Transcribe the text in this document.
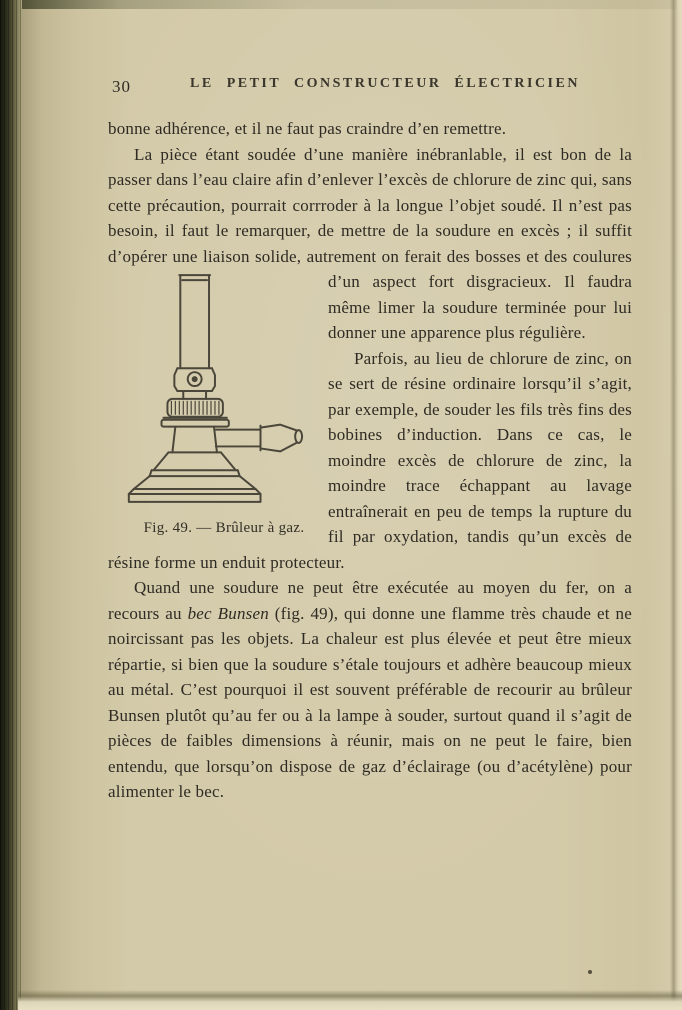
30	LE PETIT CONSTRUCTEUR ÉLECTRICIEN

bonne adhérence, et il ne faut pas craindre d’en remettre.

La pièce étant soudée d’une manière inébranlable, il est bon de la passer dans l’eau claire afin d’enlever l’excès de chlorure de zinc qui, sans cette précaution, pourrait corrroder à la longue l’objet soudé. Il n’est pas besoin, il faut le remarquer, de mettre de la soudure en excès ; il suffit d’opérer une liaison solide, autrement on ferait des bosses
Fig. 49. — Brûleur à gaz.
et des coulures d’un aspect fort disgracieux. Il faudra même limer la soudure terminée pour lui donner une apparence plus régulière.

Parfois, au lieu de chlorure de zinc, on se sert de résine ordinaire lorsqu’il s’agit, par exemple, de souder les fils très fins des bobines d’induction. Dans ce cas, le moindre excès de chlorure de zinc, la moindre trace échappant au lavage entraînerait en peu de temps la rupture du fil par oxydation, tandis qu’un excès de résine forme un enduit protecteur.

Quand une soudure ne peut être exécutée au moyen du fer, on a recours au bec Bunsen (fig. 49), qui donne une flamme très chaude et ne noircissant pas les objets. La chaleur est plus élevée et peut être mieux répartie, si bien que la soudure s’étale toujours et adhère beaucoup mieux au métal. C’est pourquoi il est souvent préférable de recourir au brûleur Bunsen plutôt qu’au fer ou à la lampe à souder, surtout quand il s’agit de pièces de faibles dimensions à réunir, mais on ne peut le faire, bien entendu, que lorsqu’on dispose de gaz d’éclairage (ou d’acétylène) pour alimenter le bec.
